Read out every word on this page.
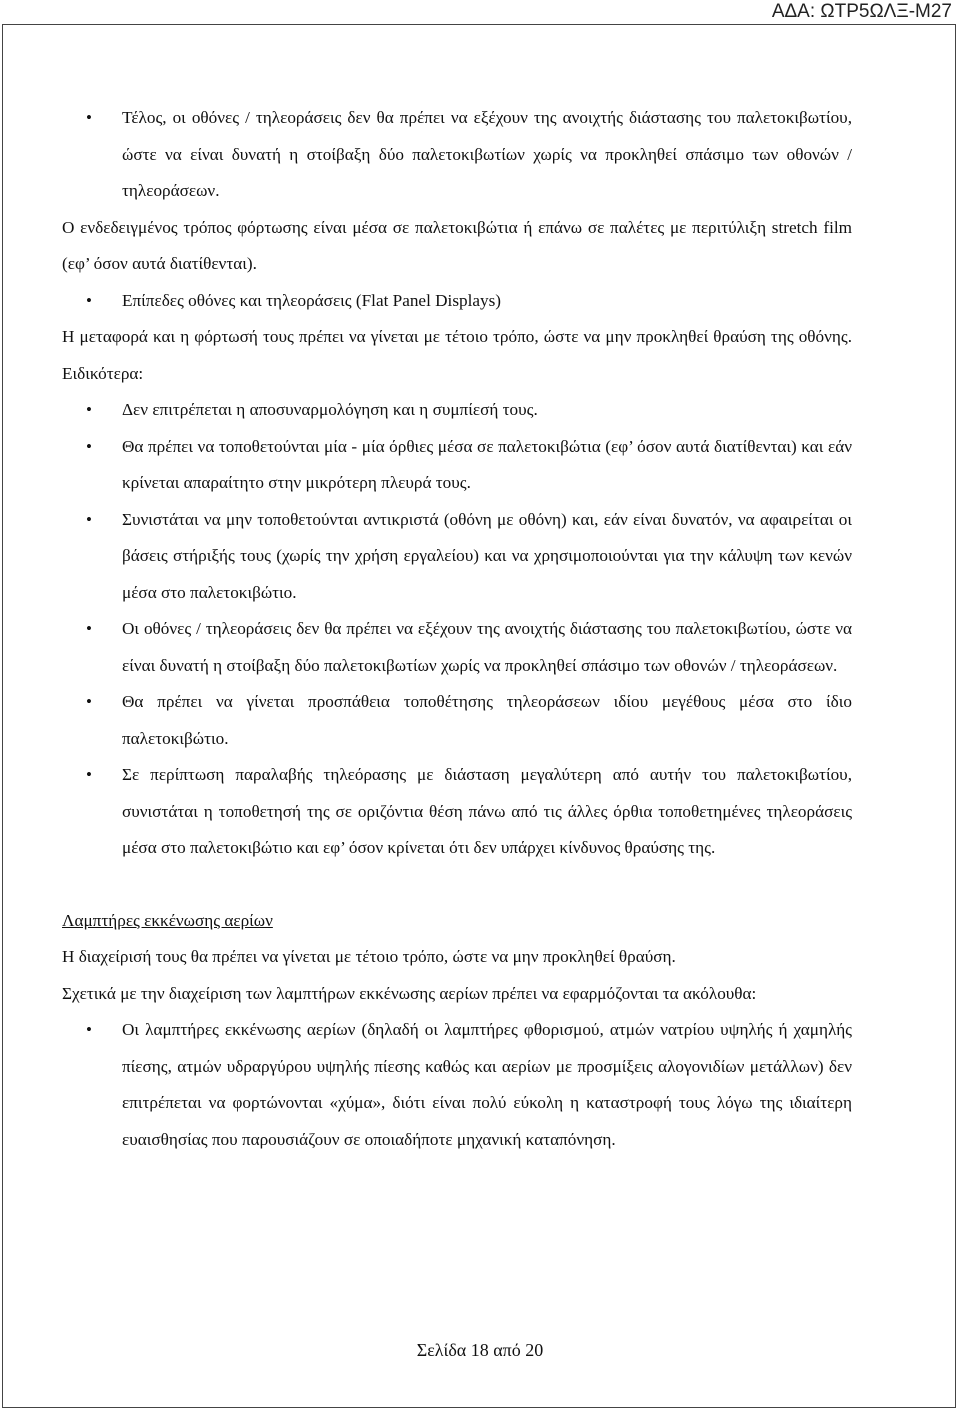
ΑΔΑ: ΩΤΡ5ΩΛΞ-Μ27
• Τέλος, οι οθόνες / τηλεοράσεις δεν θα πρέπει να εξέχουν της ανοιχτής διάστασης του παλετοκιβωτίου, ώστε να είναι δυνατή η στοίβαξη δύο παλετοκιβωτίων χωρίς να προκληθεί σπάσιμο των οθονών / τηλεοράσεων.

Ο ενδεδειγμένος τρόπος φόρτωσης είναι μέσα σε παλετοκιβώτια ή επάνω σε παλέτες με περιτύλιξη stretch film (εφ’ όσον αυτά διατίθενται).

• Επίπεδες οθόνες και τηλεοράσεις (Flat Panel Displays)

Η μεταφορά και η φόρτωσή τους πρέπει να γίνεται με τέτοιο τρόπο, ώστε να μην προκληθεί θραύση της οθόνης. Ειδικότερα:

• Δεν επιτρέπεται η αποσυναρμολόγηση και η συμπίεσή τους.
• Θα πρέπει να τοποθετούνται μία - μία όρθιες μέσα σε παλετοκιβώτια (εφ’ όσον αυτά διατίθενται) και εάν κρίνεται απαραίτητο στην μικρότερη πλευρά τους.
• Συνιστάται να μην τοποθετούνται αντικριστά (οθόνη με οθόνη) και, εάν είναι δυνατόν, να αφαιρείται οι βάσεις στήριξής τους (χωρίς την χρήση εργαλείου) και να χρησιμοποιούνται για την κάλυψη των κενών μέσα στο παλετοκιβώτιο.
• Οι οθόνες / τηλεοράσεις δεν θα πρέπει να εξέχουν της ανοιχτής διάστασης του παλετοκιβωτίου, ώστε να είναι δυνατή η στοίβαξη δύο παλετοκιβωτίων χωρίς να προκληθεί σπάσιμο των οθονών / τηλεοράσεων.
• Θα πρέπει να γίνεται προσπάθεια τοποθέτησης τηλεοράσεων ιδίου μεγέθους μέσα στο ίδιο παλετοκιβώτιο.
• Σε περίπτωση παραλαβής τηλεόρασης με διάσταση μεγαλύτερη από αυτήν του παλετοκιβωτίου, συνιστάται η τοποθετησή της σε οριζόντια θέση πάνω από τις άλλες όρθια τοποθετημένες τηλεοράσεις μέσα στο παλετοκιβώτιο και εφ’ όσον κρίνεται ότι δεν υπάρχει κίνδυνος θραύσης της.

Λαμπτήρες εκκένωσης αερίων

Η διαχείρισή τους θα πρέπει να γίνεται με τέτοιο τρόπο, ώστε να μην προκληθεί θραύση.

Σχετικά με την διαχείριση των λαμπτήρων εκκένωσης αερίων πρέπει να εφαρμόζονται τα ακόλουθα:

• Οι λαμπτήρες εκκένωσης αερίων (δηλαδή οι λαμπτήρες φθορισμού, ατμών νατρίου υψηλής ή χαμηλής πίεσης, ατμών υδραργύρου υψηλής πίεσης καθώς και αερίων με προσμίξεις αλογονιδίων μετάλλων) δεν επιτρέπεται να φορτώνονται «χύμα», διότι είναι πολύ εύκολη η καταστροφή τους λόγω της ιδιαίτερη ευαισθησίας που παρουσιάζουν σε οποιαδήποτε μηχανική καταπόνηση.
Σελίδα 18 από 20
